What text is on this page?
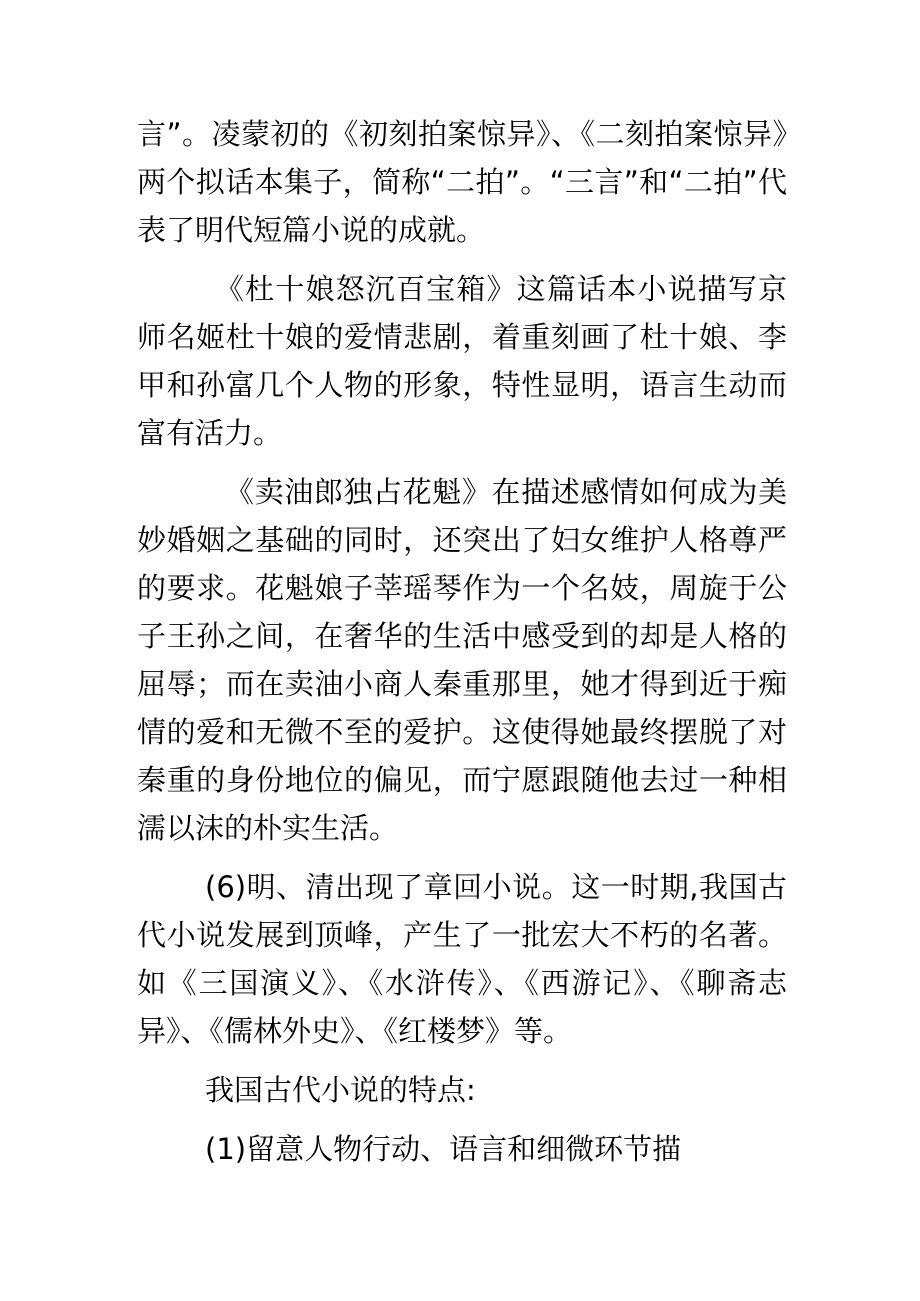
言”。凌蒙初的《初刻拍案惊异》、《二刻拍案惊异》两个拟话本集子，简称“二拍”。“三言”和“二拍”代表了明代短篇小说的成就。

《杜十娘怒沉百宝箱》这篇话本小说描写京师名姬杜十娘的爱情悲剧，着重刻画了杜十娘、李甲和孙富几个人物的形象，特性显明，语言生动而富有活力。

《卖油郎独占花魁》在描述感情如何成为美妙婚姻之基础的同时，还突出了妇女维护人格尊严的要求。花魁娘子莘瑶琴作为一个名妓，周旋于公子王孙之间，在奢华的生活中感受到的却是人格的屈辱；而在卖油小商人秦重那里，她才得到近于痴情的爱和无微不至的爱护。这使得她最终摆脱了对秦重的身份地位的偏见，而宁愿跟随他去过一种相濡以沫的朴实生活。

(6)明、清出现了章回小说。这一时期,我国古代小说发展到顶峰，产生了一批宏大不朽的名著。如《三国演义》、《水浒传》、《西游记》、《聊斋志异》、《儒林外史》、《红楼梦》等。

我国古代小说的特点:

(1)留意人物行动、语言和细微环节描
